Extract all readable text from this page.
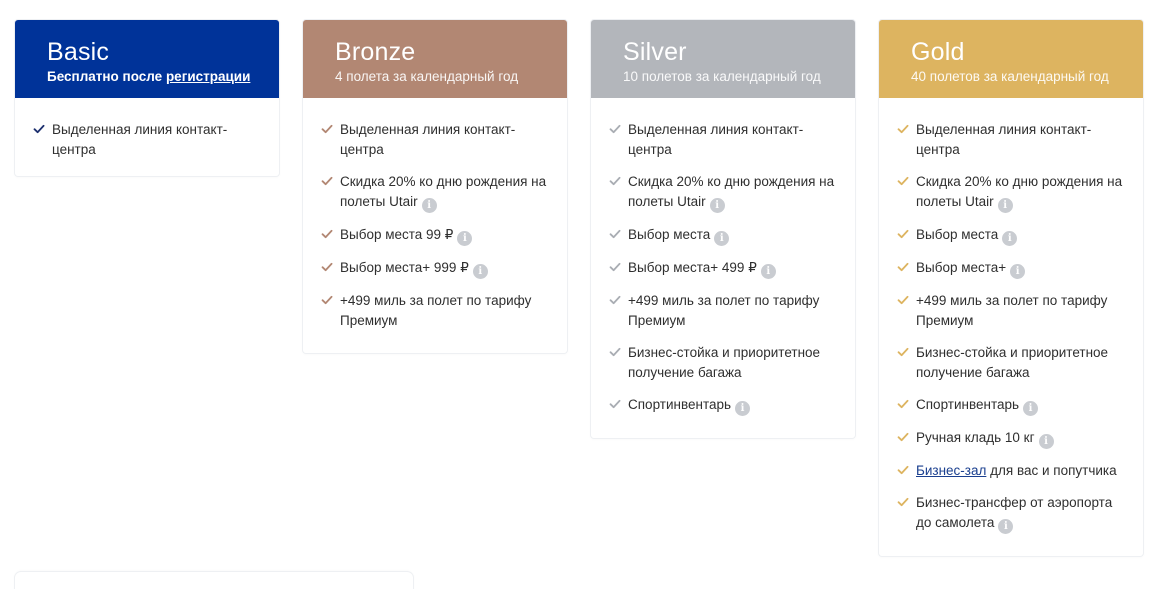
Basic
Бесплатно после регистрации
Выделенная линия контакт-центра
Bronze
4 полета за календарный год
Выделенная линия контакт-центра
Скидка 20% ко дню рождения на полеты Utair i
Выбор места 99 ₽ i
Выбор места+ 999 ₽ i
+499 миль за полет по тарифу Премиум
Silver
10 полетов за календарный год
Выделенная линия контакт-центра
Скидка 20% ко дню рождения на полеты Utair i
Выбор места i
Выбор места+ 499 ₽ i
+499 миль за полет по тарифу Премиум
Бизнес-стойка и приоритетное получение багажа
Спортинвентарь i
Gold
40 полетов за календарный год
Выделенная линия контакт-центра
Скидка 20% ко дню рождения на полеты Utair i
Выбор места i
Выбор места+ i
+499 миль за полет по тарифу Премиум
Бизнес-стойка и приоритетное получение багажа
Спортинвентарь i
Ручная кладь 10 кг i
Бизнес-зал для вас и попутчика
Бизнес-трансфер от аэропорта до самолета i
